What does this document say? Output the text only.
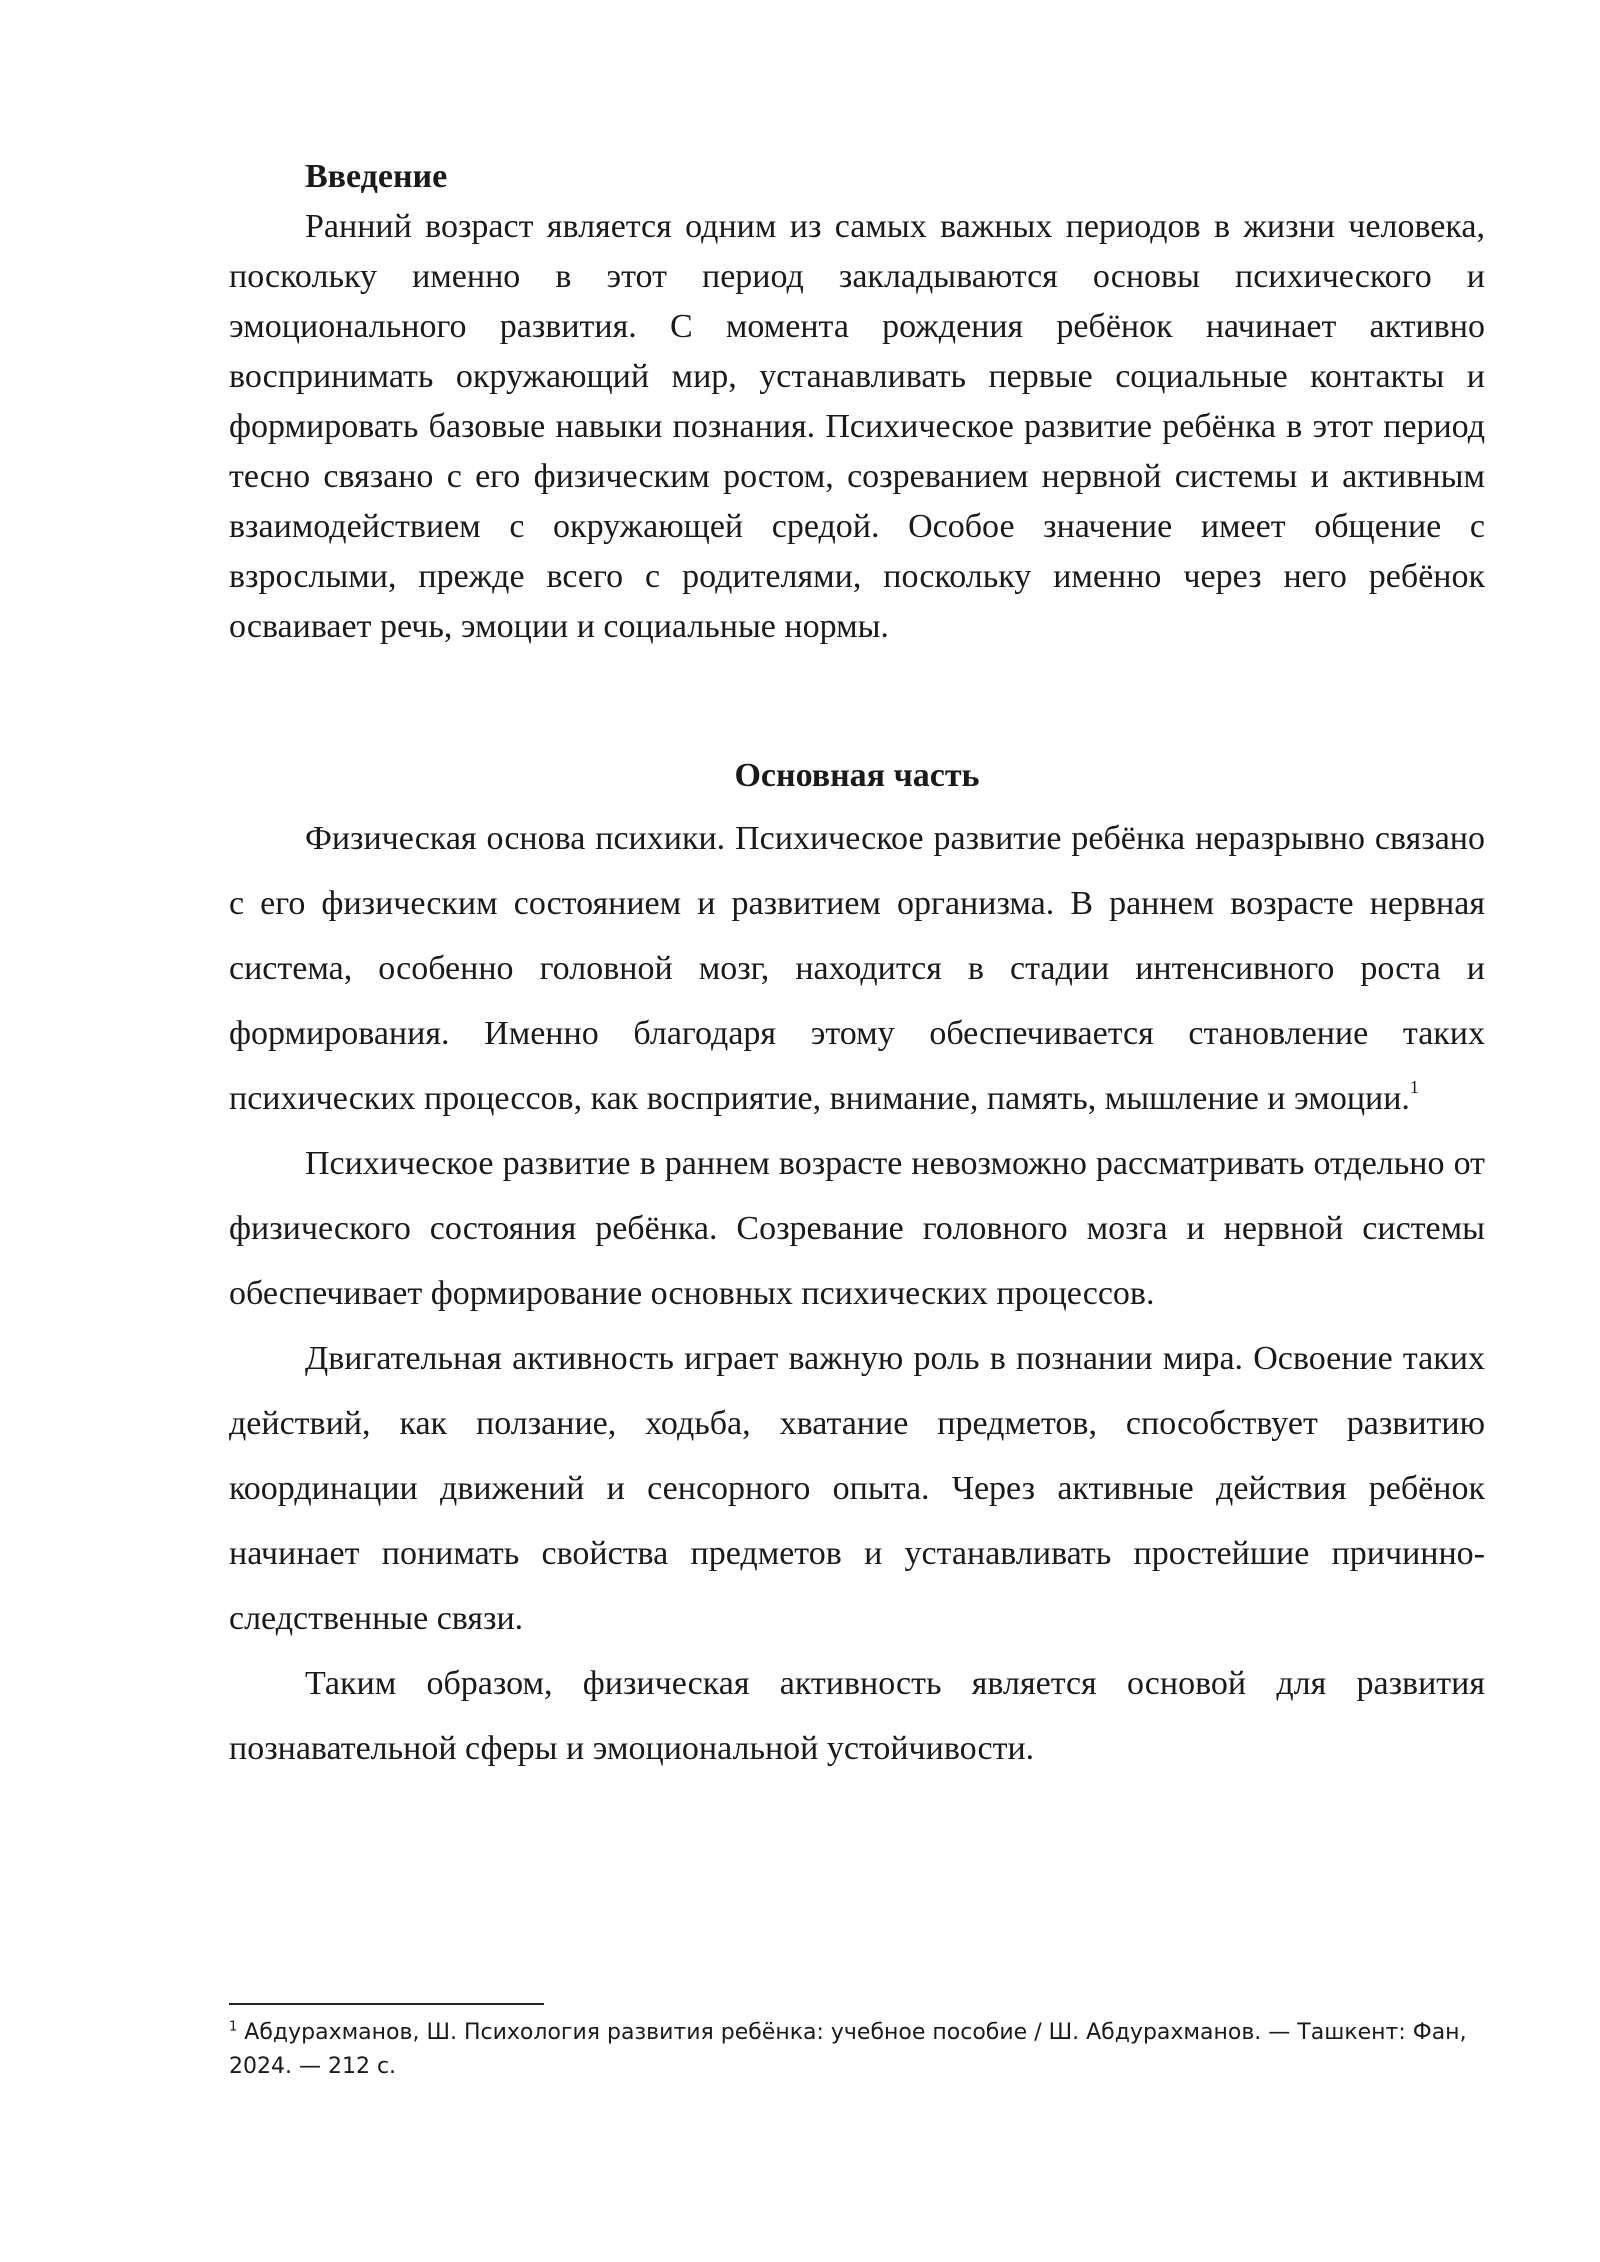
Введение

Ранний возраст является одним из самых важных периодов в жизни человека, поскольку именно в этот период закладываются основы психического и эмоционального развития. С момента рождения ребёнок начинает активно воспринимать окружающий мир, устанавливать первые социальные контакты и формировать базовые навыки познания. Психическое развитие ребёнка в этот период тесно связано с его физическим ростом, созреванием нервной системы и активным взаимодействием с окружающей средой. Особое значение имеет общение с взрослыми, прежде всего с родителями, поскольку именно через него ребёнок осваивает речь, эмоции и социальные нормы.

Основная часть

Физическая основа психики. Психическое развитие ребёнка неразрывно связано с его физическим состоянием и развитием организма. В раннем возрасте нервная система, особенно головной мозг, находится в стадии интенсивного роста и формирования. Именно благодаря этому обеспечивается становление таких психических процессов, как восприятие, внимание, память, мышление и эмоции.$^1$

Психическое развитие в раннем возрасте невозможно рассматривать отдельно от физического состояния ребёнка. Созревание головного мозга и нервной системы обеспечивает формирование основных психических процессов.

Двигательная активность играет важную роль в познании мира. Освоение таких действий, как ползание, ходьба, хватание предметов, способствует развитию координации движений и сенсорного опыта. Через активные действия ребёнок начинает понимать свойства предметов и устанавливать простейшие причинно-следственные связи.

Таким образом, физическая активность является основой для развития познавательной сферы и эмоциональной устойчивости.

$^1$ Абдурахманов, Ш. Психология развития ребёнка: учебное пособие / Ш. Абдурахманов. — Ташкент: Фан, 2024. — 212 с.
